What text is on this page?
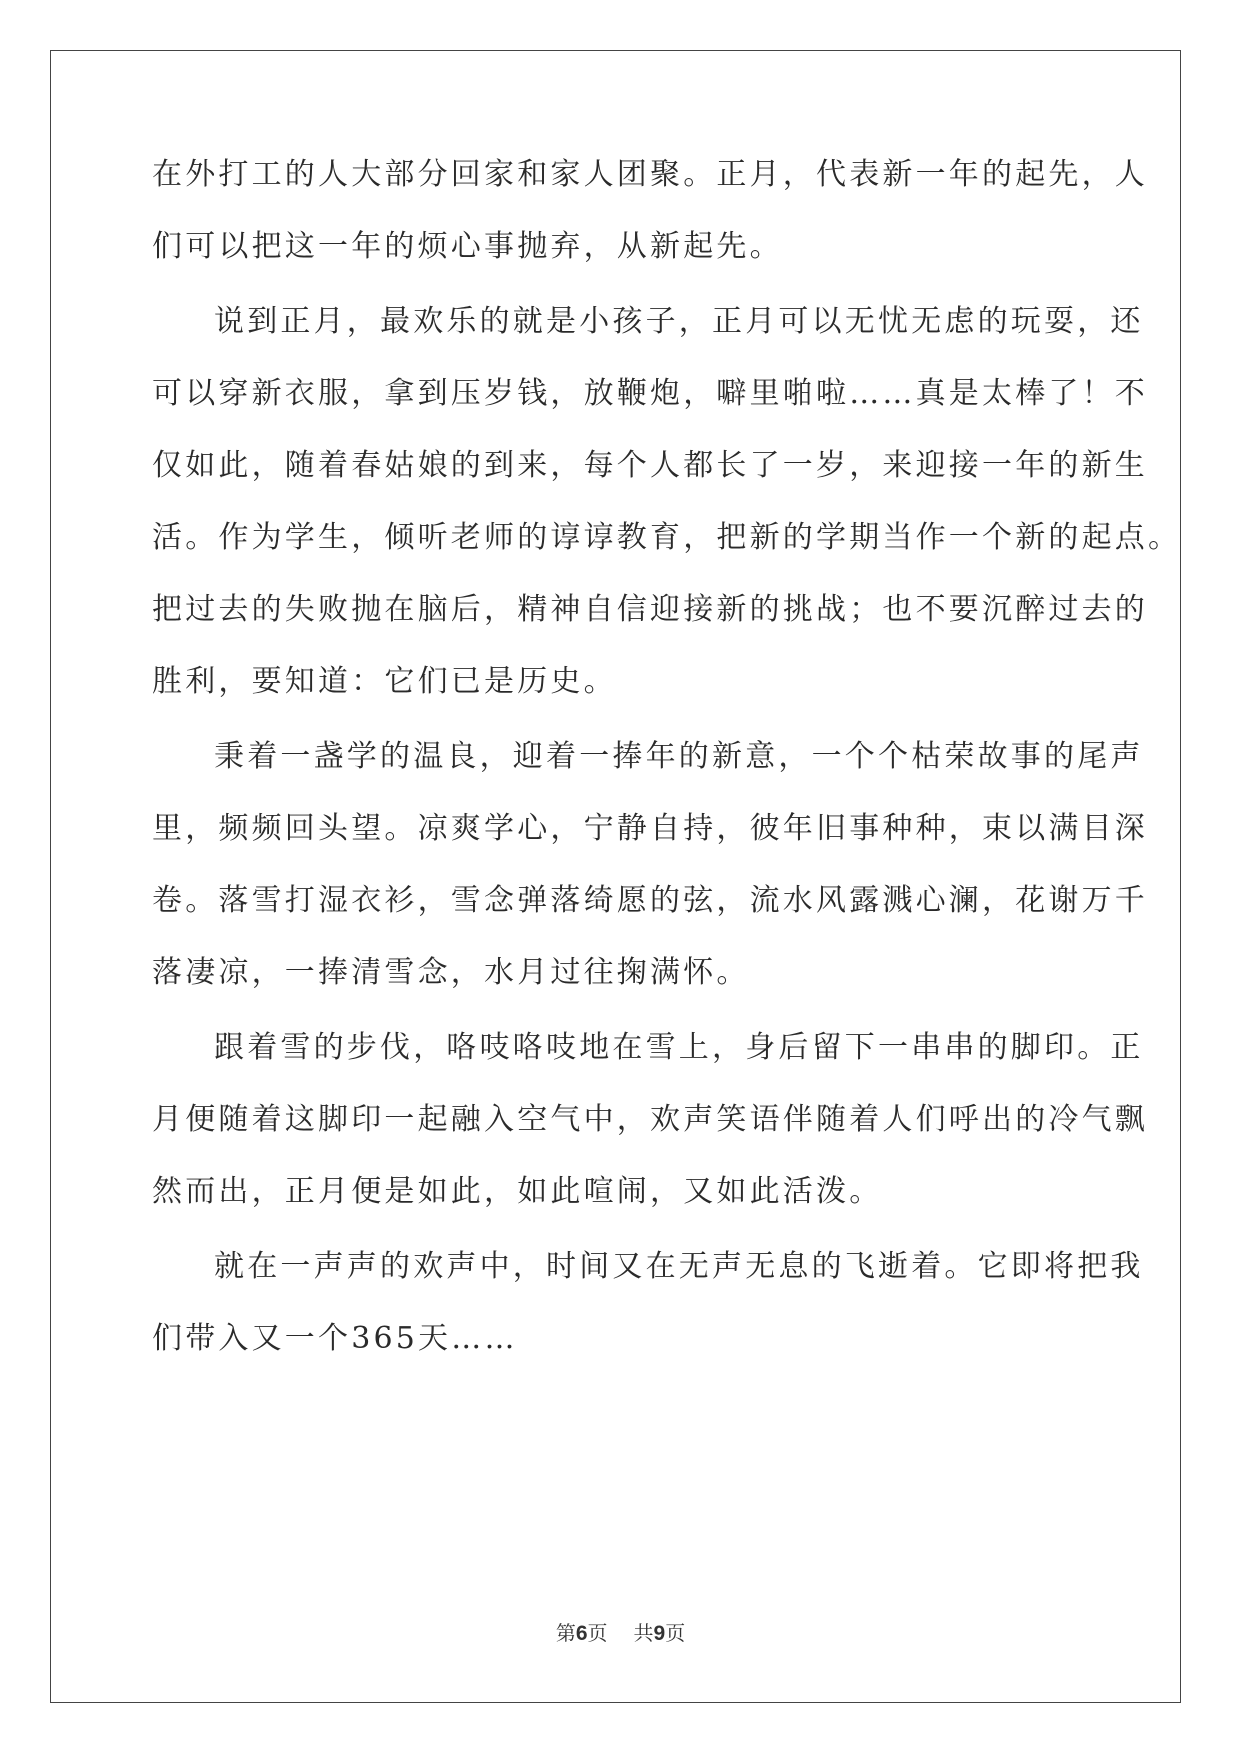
在外打工的人大部分回家和家人团聚。正月，代表新一年的起先，人
们可以把这一年的烦心事抛弃，从新起先。
说到正月，最欢乐的就是小孩子，正月可以无忧无虑的玩耍，还
可以穿新衣服，拿到压岁钱，放鞭炮，噼里啪啦……真是太棒了！不
仅如此，随着春姑娘的到来，每个人都长了一岁，来迎接一年的新生
活。作为学生，倾听老师的谆谆教育，把新的学期当作一个新的起点。
把过去的失败抛在脑后，精神自信迎接新的挑战；也不要沉醉过去的
胜利，要知道：它们已是历史。
秉着一盏学的温良，迎着一捧年的新意，一个个枯荣故事的尾声
里，频频回头望。凉爽学心，宁静自持，彼年旧事种种，束以满目深
卷。落雪打湿衣衫，雪念弹落绮愿的弦，流水风露溅心澜，花谢万千
落凄凉，一捧清雪念，水月过往掬满怀。
跟着雪的步伐，咯吱咯吱地在雪上，身后留下一串串的脚印。正
月便随着这脚印一起融入空气中，欢声笑语伴随着人们呼出的冷气飘
然而出，正月便是如此，如此喧闹，又如此活泼。
就在一声声的欢声中，时间又在无声无息的飞逝着。它即将把我
们带入又一个365天……
第6页 共9页
